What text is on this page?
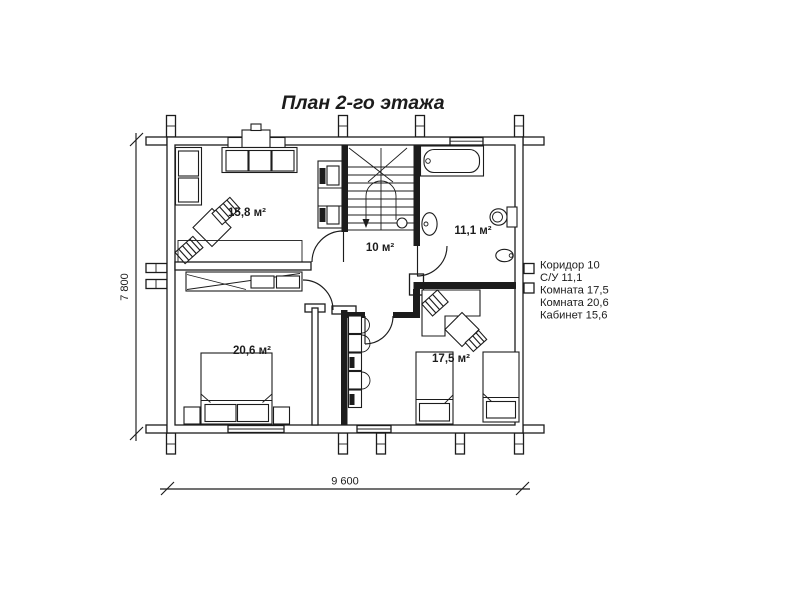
План 2-го этажа
15,8 м²
10 м²
11,1 м²
20,6 м²
17,5 м²
7 800
9 600
Коридор 10
С/У 11,1
Комната 17,5
Комната 20,6
Кабинет 15,6
